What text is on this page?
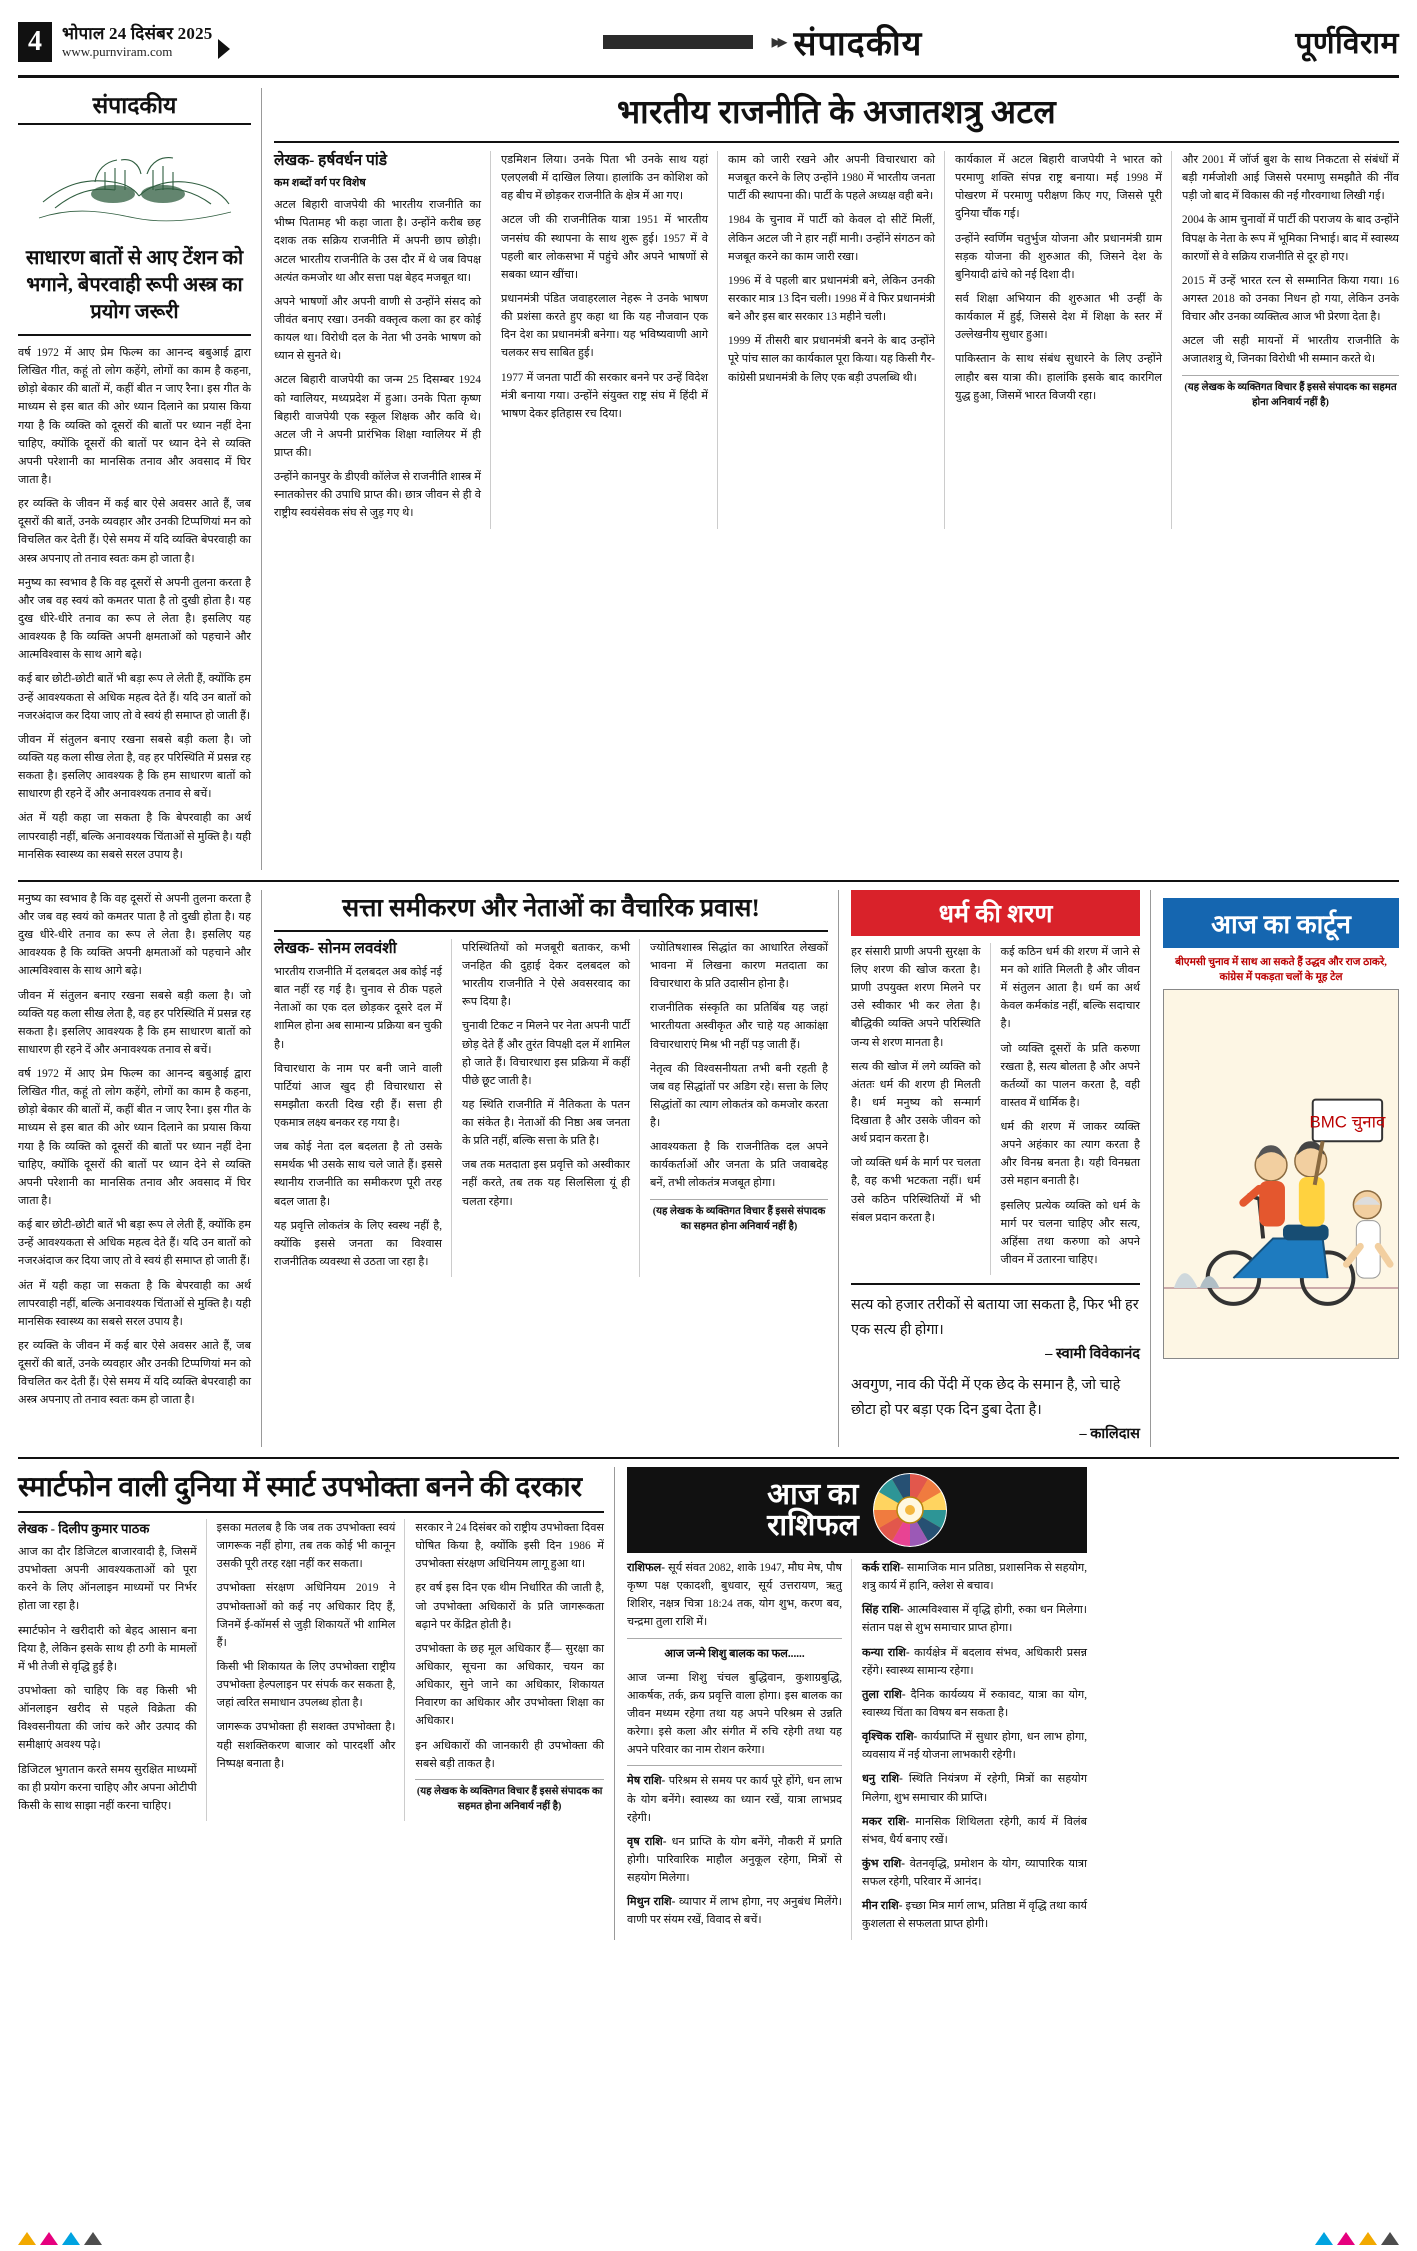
4	भोपाल 24 दिसंबर 2025
www.purnviram.com	▸▸ संपादकीय	पूर्णविराम
संपादकीय
साधारण बातों से आए टेंशन को भगाने, बेपरवाही रूपी अस्त्र का प्रयोग जरूरी

वर्ष 1972 में आए प्रेम फिल्म का आनन्द बबुआई द्वारा लिखित गीत, कहूं तो लोग कहेंगे, लोगों का काम है कहना, छोड़ो बेकार की बातों में, कहीं बीत न जाए रैना। इस गीत के माध्यम से इस बात की ओर ध्यान दिलाने का प्रयास किया गया है कि व्यक्ति को दूसरों की बातों पर ध्यान नहीं देना चाहिए, क्योंकि दूसरों की बातों पर ध्यान देने से व्यक्ति अपनी परेशानी का मानसिक तनाव और अवसाद में घिर जाता है।

हर व्यक्ति के जीवन में कई बार ऐसे अवसर आते हैं, जब दूसरों की बातें, उनके व्यवहार और उनकी टिप्पणियां मन को विचलित कर देती हैं। ऐसे समय में यदि व्यक्ति बेपरवाही का अस्त्र अपनाए तो तनाव स्वतः कम हो जाता है।

मनुष्य का स्वभाव है कि वह दूसरों से अपनी तुलना करता है और जब वह स्वयं को कमतर पाता है तो दुखी होता है। यह दुख धीरे-धीरे तनाव का रूप ले लेता है। इसलिए यह आवश्यक है कि व्यक्ति अपनी क्षमताओं को पहचाने और आत्मविश्वास के साथ आगे बढ़े।

कई बार छोटी-छोटी बातें भी बड़ा रूप ले लेती हैं, क्योंकि हम उन्हें आवश्यकता से अधिक महत्व देते हैं। यदि उन बातों को नजरअंदाज कर दिया जाए तो वे स्वयं ही समाप्त हो जाती हैं।

जीवन में संतुलन बनाए रखना सबसे बड़ी कला है। जो व्यक्ति यह कला सीख लेता है, वह हर परिस्थिति में प्रसन्न रह सकता है। इसलिए आवश्यक है कि हम साधारण बातों को साधारण ही रहने दें और अनावश्यक तनाव से बचें।

अंत में यही कहा जा सकता है कि बेपरवाही का अर्थ लापरवाही नहीं, बल्कि अनावश्यक चिंताओं से मुक्ति है। यही मानसिक स्वास्थ्य का सबसे सरल उपाय है।

भारतीय राजनीति के अजातशत्रु अटल
लेखक- हर्षवर्धन पांडे
कम शब्दों वर्ग पर विशेष

अटल बिहारी वाजपेयी की भारतीय राजनीति का भीष्म पितामह भी कहा जाता है। उन्होंने करीब छह दशक तक सक्रिय राजनीति में अपनी छाप छोड़ी। अटल भारतीय राजनीति के उस दौर में थे जब विपक्ष अत्यंत कमजोर था और सत्ता पक्ष बेहद मजबूत था।

अपने भाषणों और अपनी वाणी से उन्होंने संसद को जीवंत बनाए रखा। उनकी वक्तृत्व कला का हर कोई कायल था। विरोधी दल के नेता भी उनके भाषण को ध्यान से सुनते थे।

अटल बिहारी वाजपेयी का जन्म 25 दिसम्बर 1924 को ग्वालियर, मध्यप्रदेश में हुआ। उनके पिता कृष्ण बिहारी वाजपेयी एक स्कूल शिक्षक और कवि थे। अटल जी ने अपनी प्रारंभिक शिक्षा ग्वालियर में ही प्राप्त की।

उन्होंने कानपुर के डीएवी कॉलेज से राजनीति शास्त्र में स्नातकोत्तर की उपाधि प्राप्त की। छात्र जीवन से ही वे राष्ट्रीय स्वयंसेवक संघ से जुड़ गए थे।

एडमिशन लिया। उनके पिता भी उनके साथ यहां एलएलबी में दाखिल लिया। हालांकि उन कोशिश को वह बीच में छोड़कर राजनीति के क्षेत्र में आ गए।

अटल जी की राजनीतिक यात्रा 1951 में भारतीय जनसंघ की स्थापना के साथ शुरू हुई। 1957 में वे पहली बार लोकसभा में पहुंचे और अपने भाषणों से सबका ध्यान खींचा।

प्रधानमंत्री पंडित जवाहरलाल नेहरू ने उनके भाषण की प्रशंसा करते हुए कहा था कि यह नौजवान एक दिन देश का प्रधानमंत्री बनेगा। यह भविष्यवाणी आगे चलकर सच साबित हुई।

1977 में जनता पार्टी की सरकार बनने पर उन्हें विदेश मंत्री बनाया गया। उन्होंने संयुक्त राष्ट्र संघ में हिंदी में भाषण देकर इतिहास रच दिया।

काम को जारी रखने और अपनी विचारधारा को मजबूत करने के लिए उन्होंने 1980 में भारतीय जनता पार्टी की स्थापना की। पार्टी के पहले अध्यक्ष वही बने।

1984 के चुनाव में पार्टी को केवल दो सीटें मिलीं, लेकिन अटल जी ने हार नहीं मानी। उन्होंने संगठन को मजबूत करने का काम जारी रखा।

1996 में वे पहली बार प्रधानमंत्री बने, लेकिन उनकी सरकार मात्र 13 दिन चली। 1998 में वे फिर प्रधानमंत्री बने और इस बार सरकार 13 महीने चली।

1999 में तीसरी बार प्रधानमंत्री बनने के बाद उन्होंने पूरे पांच साल का कार्यकाल पूरा किया। यह किसी गैर-कांग्रेसी प्रधानमंत्री के लिए एक बड़ी उपलब्धि थी।

कार्यकाल में अटल बिहारी वाजपेयी ने भारत को परमाणु शक्ति संपन्न राष्ट्र बनाया। मई 1998 में पोखरण में परमाणु परीक्षण किए गए, जिससे पूरी दुनिया चौंक गई।

उन्होंने स्वर्णिम चतुर्भुज योजना और प्रधानमंत्री ग्राम सड़क योजना की शुरुआत की, जिसने देश के बुनियादी ढांचे को नई दिशा दी।

सर्व शिक्षा अभियान की शुरुआत भी उन्हीं के कार्यकाल में हुई, जिससे देश में शिक्षा के स्तर में उल्लेखनीय सुधार हुआ।

पाकिस्तान के साथ संबंध सुधारने के लिए उन्होंने लाहौर बस यात्रा की। हालांकि इसके बाद कारगिल युद्ध हुआ, जिसमें भारत विजयी रहा।

और 2001 में जॉर्ज बुश के साथ निकटता से संबंधों में बड़ी गर्मजोशी आई जिससे परमाणु समझौते की नींव पड़ी जो बाद में विकास की नई गौरवगाथा लिखी गई।

2004 के आम चुनावों में पार्टी की पराजय के बाद उन्होंने विपक्ष के नेता के रूप में भूमिका निभाई। बाद में स्वास्थ्य कारणों से वे सक्रिय राजनीति से दूर हो गए।

2015 में उन्हें भारत रत्न से सम्मानित किया गया। 16 अगस्त 2018 को उनका निधन हो गया, लेकिन उनके विचार और उनका व्यक्तित्व आज भी प्रेरणा देता है।

अटल जी सही मायनों में भारतीय राजनीति के अजातशत्रु थे, जिनका विरोधी भी सम्मान करते थे।

(यह लेखक के व्यक्तिगत विचार हैं इससे संपादक का सहमत होना अनिवार्य नहीं है)

मनुष्य का स्वभाव है कि वह दूसरों से अपनी तुलना करता है और जब वह स्वयं को कमतर पाता है तो दुखी होता है। यह दुख धीरे-धीरे तनाव का रूप ले लेता है। इसलिए यह आवश्यक है कि व्यक्ति अपनी क्षमताओं को पहचाने और आत्मविश्वास के साथ आगे बढ़े।

जीवन में संतुलन बनाए रखना सबसे बड़ी कला है। जो व्यक्ति यह कला सीख लेता है, वह हर परिस्थिति में प्रसन्न रह सकता है। इसलिए आवश्यक है कि हम साधारण बातों को साधारण ही रहने दें और अनावश्यक तनाव से बचें।

वर्ष 1972 में आए प्रेम फिल्म का आनन्द बबुआई द्वारा लिखित गीत, कहूं तो लोग कहेंगे, लोगों का काम है कहना, छोड़ो बेकार की बातों में, कहीं बीत न जाए रैना। इस गीत के माध्यम से इस बात की ओर ध्यान दिलाने का प्रयास किया गया है कि व्यक्ति को दूसरों की बातों पर ध्यान नहीं देना चाहिए, क्योंकि दूसरों की बातों पर ध्यान देने से व्यक्ति अपनी परेशानी का मानसिक तनाव और अवसाद में घिर जाता है।

कई बार छोटी-छोटी बातें भी बड़ा रूप ले लेती हैं, क्योंकि हम उन्हें आवश्यकता से अधिक महत्व देते हैं। यदि उन बातों को नजरअंदाज कर दिया जाए तो वे स्वयं ही समाप्त हो जाती हैं।

अंत में यही कहा जा सकता है कि बेपरवाही का अर्थ लापरवाही नहीं, बल्कि अनावश्यक चिंताओं से मुक्ति है। यही मानसिक स्वास्थ्य का सबसे सरल उपाय है।

हर व्यक्ति के जीवन में कई बार ऐसे अवसर आते हैं, जब दूसरों की बातें, उनके व्यवहार और उनकी टिप्पणियां मन को विचलित कर देती हैं। ऐसे समय में यदि व्यक्ति बेपरवाही का अस्त्र अपनाए तो तनाव स्वतः कम हो जाता है।

सत्ता समीकरण और नेताओं का वैचारिक प्रवास!
लेखक- सोनम लववंशी

भारतीय राजनीति में दलबदल अब कोई नई बात नहीं रह गई है। चुनाव से ठीक पहले नेताओं का एक दल छोड़कर दूसरे दल में शामिल होना अब सामान्य प्रक्रिया बन चुकी है।

विचारधारा के नाम पर बनी जाने वाली पार्टियां आज खुद ही विचारधारा से समझौता करती दिख रही हैं। सत्ता ही एकमात्र लक्ष्य बनकर रह गया है।

जब कोई नेता दल बदलता है तो उसके समर्थक भी उसके साथ चले जाते हैं। इससे स्थानीय राजनीति का समीकरण पूरी तरह बदल जाता है।

यह प्रवृत्ति लोकतंत्र के लिए स्वस्थ नहीं है, क्योंकि इससे जनता का विश्वास राजनीतिक व्यवस्था से उठता जा रहा है।

परिस्थितियों को मजबूरी बताकर, कभी जनहित की दुहाई देकर दलबदल को भारतीय राजनीति ने ऐसे अवसरवाद का रूप दिया है।

चुनावी टिकट न मिलने पर नेता अपनी पार्टी छोड़ देते हैं और तुरंत विपक्षी दल में शामिल हो जाते हैं। विचारधारा इस प्रक्रिया में कहीं पीछे छूट जाती है।

यह स्थिति राजनीति में नैतिकता के पतन का संकेत है। नेताओं की निष्ठा अब जनता के प्रति नहीं, बल्कि सत्ता के प्रति है।

जब तक मतदाता इस प्रवृत्ति को अस्वीकार नहीं करते, तब तक यह सिलसिला यूं ही चलता रहेगा।

ज्योतिषशास्त्र सिद्धांत का आधारित लेखकों भावना में लिखना कारण मतदाता का विचारधारा के प्रति उदासीन होना है।

राजनीतिक संस्कृति का प्रतिबिंब यह जहां भारतीयता अस्वीकृत और चाहे यह आकांक्षा विचारधाराएं मिश्र भी नहीं पड़ जाती हैं।

नेतृत्व की विश्वसनीयता तभी बनी रहती है जब वह सिद्धांतों पर अडिग रहे। सत्ता के लिए सिद्धांतों का त्याग लोकतंत्र को कमजोर करता है।

आवश्यकता है कि राजनीतिक दल अपने कार्यकर्ताओं और जनता के प्रति जवाबदेह बनें, तभी लोकतंत्र मजबूत होगा।

(यह लेखक के व्यक्तिगत विचार हैं इससे संपादक का सहमत होना अनिवार्य नहीं है)
धर्म की शरण

हर संसारी प्राणी अपनी सुरक्षा के लिए शरण की खोज करता है। प्राणी उपयुक्त शरण मिलने पर उसे स्वीकार भी कर लेता है। बौद्धिकी व्यक्ति अपने परिस्थिति जन्य से शरण मानता है।

सत्य की खोज में लगे व्यक्ति को अंततः धर्म की शरण ही मिलती है। धर्म मनुष्य को सन्मार्ग दिखाता है और उसके जीवन को अर्थ प्रदान करता है।

जो व्यक्ति धर्म के मार्ग पर चलता है, वह कभी भटकता नहीं। धर्म उसे कठिन परिस्थितियों में भी संबल प्रदान करता है।

कई कठिन धर्म की शरण में जाने से मन को शांति मिलती है और जीवन में संतुलन आता है। धर्म का अर्थ केवल कर्मकांड नहीं, बल्कि सदाचार है।

जो व्यक्ति दूसरों के प्रति करुणा रखता है, सत्य बोलता है और अपने कर्तव्यों का पालन करता है, वही वास्तव में धार्मिक है।

धर्म की शरण में जाकर व्यक्ति अपने अहंकार का त्याग करता है और विनम्र बनता है। यही विनम्रता उसे महान बनाती है।

इसलिए प्रत्येक व्यक्ति को धर्म के मार्ग पर चलना चाहिए और सत्य, अहिंसा तथा करुणा को अपने जीवन में उतारना चाहिए।

सत्य को हजार तरीकों से बताया जा सकता है, फिर भी हर एक सत्य ही होगा।
– स्वामी विवेकानंद
अवगुण, नाव की पेंदी में एक छेद के समान है, जो चाहे छोटा हो पर बड़ा एक दिन डुबा देता है।
– कालिदास
आज का कार्टून
बीएमसी चुनाव में साथ आ सकते हैं उद्धव और राज ठाकरे, कांग्रेस में पकड़ता चलों के मूह टेल
BMC चुनाव
स्मार्टफोन वाली दुनिया में स्मार्ट उपभोक्ता बनने की दरकार
लेखक - दिलीप कुमार पाठक

आज का दौर डिजिटल बाजारवादी है, जिसमें उपभोक्ता अपनी आवश्यकताओं को पूरा करने के लिए ऑनलाइन माध्यमों पर निर्भर होता जा रहा है।

स्मार्टफोन ने खरीदारी को बेहद आसान बना दिया है, लेकिन इसके साथ ही ठगी के मामलों में भी तेजी से वृद्धि हुई है।

उपभोक्ता को चाहिए कि वह किसी भी ऑनलाइन खरीद से पहले विक्रेता की विश्वसनीयता की जांच करे और उत्पाद की समीक्षाएं अवश्य पढ़े।

डिजिटल भुगतान करते समय सुरक्षित माध्यमों का ही प्रयोग करना चाहिए और अपना ओटीपी किसी के साथ साझा नहीं करना चाहिए।

इसका मतलब है कि जब तक उपभोक्ता स्वयं जागरूक नहीं होगा, तब तक कोई भी कानून उसकी पूरी तरह रक्षा नहीं कर सकता।

उपभोक्ता संरक्षण अधिनियम 2019 ने उपभोक्ताओं को कई नए अधिकार दिए हैं, जिनमें ई-कॉमर्स से जुड़ी शिकायतें भी शामिल हैं।

किसी भी शिकायत के लिए उपभोक्ता राष्ट्रीय उपभोक्ता हेल्पलाइन पर संपर्क कर सकता है, जहां त्वरित समाधान उपलब्ध होता है।

जागरूक उपभोक्ता ही सशक्त उपभोक्ता है। यही सशक्तिकरण बाजार को पारदर्शी और निष्पक्ष बनाता है।

सरकार ने 24 दिसंबर को राष्ट्रीय उपभोक्ता दिवस घोषित किया है, क्योंकि इसी दिन 1986 में उपभोक्ता संरक्षण अधिनियम लागू हुआ था।

हर वर्ष इस दिन एक थीम निर्धारित की जाती है, जो उपभोक्ता अधिकारों के प्रति जागरूकता बढ़ाने पर केंद्रित होती है।

उपभोक्ता के छह मूल अधिकार हैं— सुरक्षा का अधिकार, सूचना का अधिकार, चयन का अधिकार, सुने जाने का अधिकार, शिकायत निवारण का अधिकार और उपभोक्ता शिक्षा का अधिकार।

इन अधिकारों की जानकारी ही उपभोक्ता की सबसे बड़ी ताकत है।

(यह लेखक के व्यक्तिगत विचार हैं इससे संपादक का सहमत होना अनिवार्य नहीं है)
आज का
राशिफल

राशिफल- सूर्य संवत 2082, शाके 1947, मौघ मेष, पौष कृष्ण पक्ष एकादशी, बुधवार, सूर्य उत्तरायण, ऋतु शिशिर, नक्षत्र चित्रा 18:24 तक, योग शुभ, करण बव, चन्द्रमा तुला राशि में।

आज जन्मे शिशु बालक का फल......

आज जन्मा शिशु चंचल बुद्धिवान, कुशाग्रबुद्धि, आकर्षक, तर्क, क्रय प्रवृत्ति वाला होगा। इस बालक का जीवन मध्यम रहेगा तथा यह अपने परिश्रम से उन्नति करेगा। इसे कला और संगीत में रुचि रहेगी तथा यह अपने परिवार का नाम रोशन करेगा।

मेष राशि- परिश्रम से समय पर कार्य पूरे होंगे, धन लाभ के योग बनेंगे। स्वास्थ्य का ध्यान रखें, यात्रा लाभप्रद रहेगी।

वृष राशि- धन प्राप्ति के योग बनेंगे, नौकरी में प्रगति होगी। पारिवारिक माहौल अनुकूल रहेगा, मित्रों से सहयोग मिलेगा।

मिथुन राशि- व्यापार में लाभ होगा, नए अनुबंध मिलेंगे। वाणी पर संयम रखें, विवाद से बचें।

कर्क राशि- सामाजिक मान प्रतिष्ठा, प्रशासनिक से सहयोग, शत्रु कार्य में हानि, क्लेश से बचाव।

सिंह राशि- आत्मविश्वास में वृद्धि होगी, रुका धन मिलेगा। संतान पक्ष से शुभ समाचार प्राप्त होगा।

कन्या राशि- कार्यक्षेत्र में बदलाव संभव, अधिकारी प्रसन्न रहेंगे। स्वास्थ्य सामान्य रहेगा।

तुला राशि- दैनिक कार्यव्यय में रुकावट, यात्रा का योग, स्वास्थ्य चिंता का विषय बन सकता है।

वृश्चिक राशि- कार्यप्राप्ति में सुधार होगा, धन लाभ होगा, व्यवसाय में नई योजना लाभकारी रहेगी।

धनु राशि- स्थिति नियंत्रण में रहेगी, मित्रों का सहयोग मिलेगा, शुभ समाचार की प्राप्ति।

मकर राशि- मानसिक शिथिलता रहेगी, कार्य में विलंब संभव, धैर्य बनाए रखें।

कुंभ राशि- वेतनवृद्धि, प्रमोशन के योग, व्यापारिक यात्रा सफल रहेगी, परिवार में आनंद।

मीन राशि- इच्छा मित्र मार्ग लाभ, प्रतिष्ठा में वृद्धि तथा कार्य कुशलता से सफलता प्राप्त होगी।
